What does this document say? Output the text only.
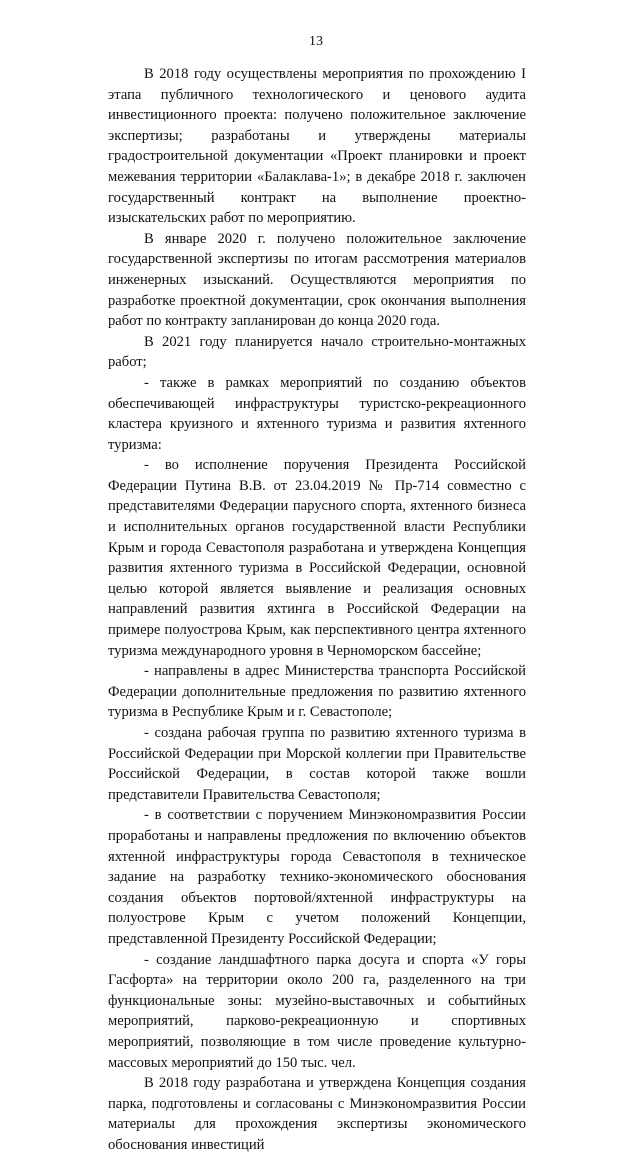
13

В 2018 году осуществлены мероприятия по прохождению I этапа публичного технологического и ценового аудита инвестиционного проекта: получено положительное заключение экспертизы; разработаны и утверждены материалы градостроительной документации «Проект планировки и проект межевания территории «Балаклава-1»; в декабре 2018 г. заключен государственный контракт на выполнение проектно-изыскательских работ по мероприятию.

В январе 2020 г. получено положительное заключение государственной экспертизы по итогам рассмотрения материалов инженерных изысканий. Осуществляются мероприятия по разработке проектной документации, срок окончания выполнения работ по контракту запланирован до конца 2020 года.

В 2021 году планируется начало строительно-монтажных работ;

- также в рамках мероприятий по созданию объектов обеспечивающей инфраструктуры туристско-рекреационного кластера круизного и яхтенного туризма и развития яхтенного туризма:

- во исполнение поручения Президента Российской Федерации Путина В.В. от 23.04.2019 № Пр-714 совместно с представителями Федерации парусного спорта, яхтенного бизнеса и исполнительных органов государственной власти Республики Крым и города Севастополя разработана и утверждена Концепция развития яхтенного туризма в Российской Федерации, основной целью которой является выявление и реализация основных направлений развития яхтинга в Российской Федерации на примере полуострова Крым, как перспективного центра яхтенного туризма международного уровня в Черноморском бассейне;

- направлены в адрес Министерства транспорта Российской Федерации дополнительные предложения по развитию яхтенного туризма в Республике Крым и г. Севастополе;

- создана рабочая группа по развитию яхтенного туризма в Российской Федерации при Морской коллегии при Правительстве Российской Федерации, в состав которой также вошли представители Правительства Севастополя;

- в соответствии с поручением Минэкономразвития России проработаны и направлены предложения по включению объектов яхтенной инфраструктуры города Севастополя в техническое задание на разработку технико-экономического обоснования создания объектов портовой/яхтенной инфраструктуры на полуострове Крым с учетом положений Концепции, представленной Президенту Российской Федерации;

- создание ландшафтного парка досуга и спорта «У горы Гасфорта» на территории около 200 га, разделенного на три функциональные зоны: музейно-выставочных и событийных мероприятий, парково-рекреационную и спортивных мероприятий, позволяющие в том числе проведение культурно-массовых мероприятий до 150 тыс. чел.

В 2018 году разработана и утверждена Концепция создания парка, подготовлены и согласованы с Минэкономразвития России материалы для прохождения экспертизы экономического обоснования инвестиций
